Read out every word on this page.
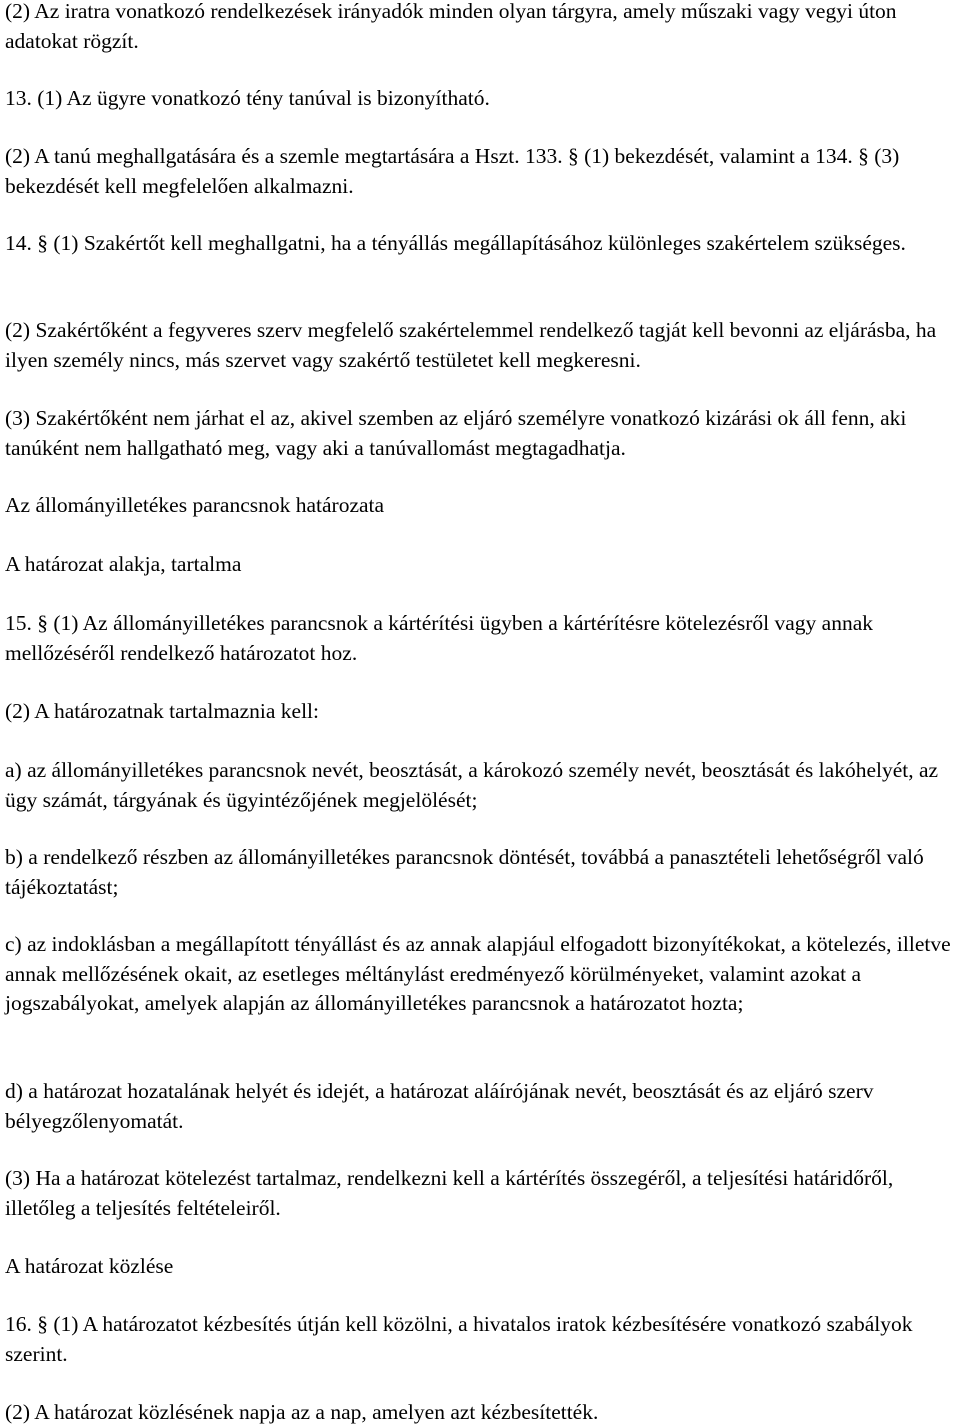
(2) Az iratra vonatkozó rendelkezések irányadók minden olyan tárgyra, amely műszaki vagy vegyi úton adatokat rögzít.

13. (1) Az ügyre vonatkozó tény tanúval is bizonyítható.

(2) A tanú meghallgatására és a szemle megtartására a Hszt. 133. § (1) bekezdését, valamint a 134. § (3) bekezdését kell megfelelően alkalmazni.

14. § (1) Szakértőt kell meghallgatni, ha a tényállás megállapításához különleges szakértelem szükséges.

(2) Szakértőként a fegyveres szerv megfelelő szakértelemmel rendelkező tagját kell bevonni az eljárásba, ha ilyen személy nincs, más szervet vagy szakértő testületet kell megkeresni.

(3) Szakértőként nem járhat el az, akivel szemben az eljáró személyre vonatkozó kizárási ok áll fenn, aki tanúként nem hallgatható meg, vagy aki a tanúvallomást megtagadhatja.

Az állományilletékes parancsnok határozata

A határozat alakja, tartalma

15. § (1) Az állományilletékes parancsnok a kártérítési ügyben a kártérítésre kötelezésről vagy annak mellőzéséről rendelkező határozatot hoz.

(2) A határozatnak tartalmaznia kell:

a) az állományilletékes parancsnok nevét, beosztását, a károkozó személy nevét, beosztását és lakóhelyét, az ügy számát, tárgyának és ügyintézőjének megjelölését;

b) a rendelkező részben az állományilletékes parancsnok döntését, továbbá a panasztételi lehetőségről való tájékoztatást;

c) az indoklásban a megállapított tényállást és az annak alapjául elfogadott bizonyítékokat, a kötelezés, illetve annak mellőzésének okait, az esetleges méltánylást eredményező körülményeket, valamint azokat a jogszabályokat, amelyek alapján az állományilletékes parancsnok a határozatot hozta;

d) a határozat hozatalának helyét és idejét, a határozat aláírójának nevét, beosztását és az eljáró szerv bélyegzőlenyomatát.

(3) Ha a határozat kötelezést tartalmaz, rendelkezni kell a kártérítés összegéről, a teljesítési határidőről, illetőleg a teljesítés feltételeiről.

A határozat közlése

16. § (1) A határozatot kézbesítés útján kell közölni, a hivatalos iratok kézbesítésére vonatkozó szabályok szerint.

(2) A határozat közlésének napja az a nap, amelyen azt kézbesítették.
